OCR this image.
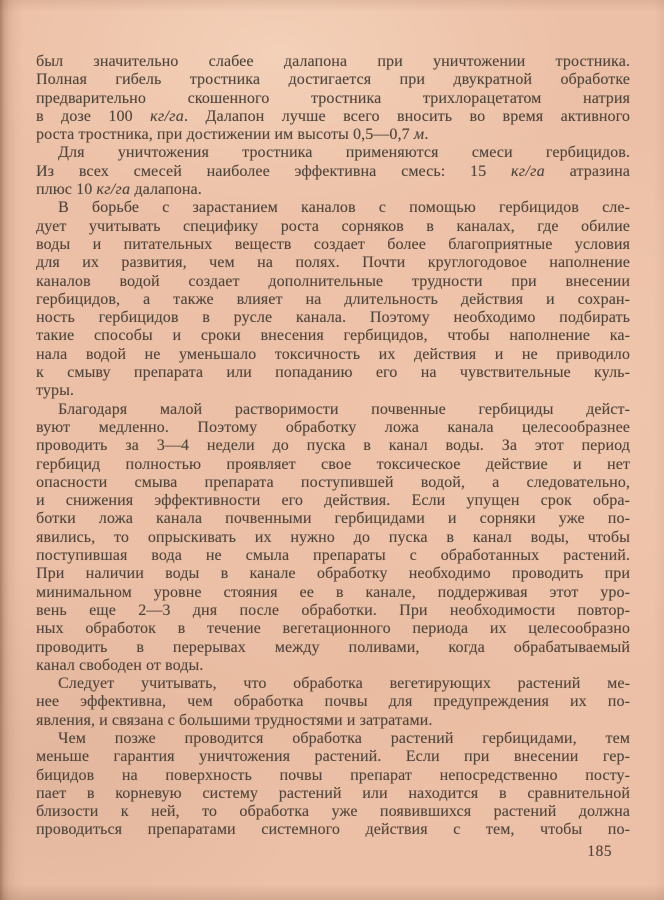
был значительно слабее далапона при уничтожении тростника.
Полная гибель тростника достигается при двукратной обработке
предварительно скошенного тростника трихлорацетатом натрия
в дозе 100 кг/га. Далапон лучше всего вносить во время активного
роста тростника, при достижении им высоты 0,5—0,7 м.
Для уничтожения тростника применяются смеси гербицидов.
Из всех смесей наиболее эффективна смесь: 15 кг/га атразина
плюс 10 кг/га далапона.
В борьбе с зарастанием каналов с помощью гербицидов сле-
дует учитывать специфику роста сорняков в каналах, где обилие
воды и питательных веществ создает более благоприятные условия
для их развития, чем на полях. Почти круглогодовое наполнение
каналов водой создает дополнительные трудности при внесении
гербицидов, а также влияет на длительность действия и сохран-
ность гербицидов в русле канала. Поэтому необходимо подбирать
такие способы и сроки внесения гербицидов, чтобы наполнение ка-
нала водой не уменьшало токсичность их действия и не приводило
к смыву препарата или попаданию его на чувствительные куль-
туры.
Благодаря малой растворимости почвенные гербициды дейст-
вуют медленно. Поэтому обработку ложа канала целесообразнее
проводить за 3—4 недели до пуска в канал воды. За этот период
гербицид полностью проявляет свое токсическое действие и нет
опасности смыва препарата поступившей водой, а следовательно,
и снижения эффективности его действия. Если упущен срок обра-
ботки ложа канала почвенными гербицидами и сорняки уже по-
явились, то опрыскивать их нужно до пуска в канал воды, чтобы
поступившая вода не смыла препараты с обработанных растений.
При наличии воды в канале обработку необходимо проводить при
минимальном уровне стояния ее в канале, поддерживая этот уро-
вень еще 2—3 дня после обработки. При необходимости повтор-
ных обработок в течение вегетационного периода их целесообразно
проводить в перерывах между поливами, когда обрабатываемый
канал свободен от воды.
Следует учитывать, что обработка вегетирующих растений ме-
нее эффективна, чем обработка почвы для предупреждения их по-
явления, и связана с большими трудностями и затратами.
Чем позже проводится обработка растений гербицидами, тем
меньше гарантия уничтожения растений. Если при внесении гер-
бицидов на поверхность почвы препарат непосредственно посту-
пает в корневую систему растений или находится в сравнительной
близости к ней, то обработка уже появившихся растений должна
проводиться препаратами системного действия с тем, чтобы по-
185
